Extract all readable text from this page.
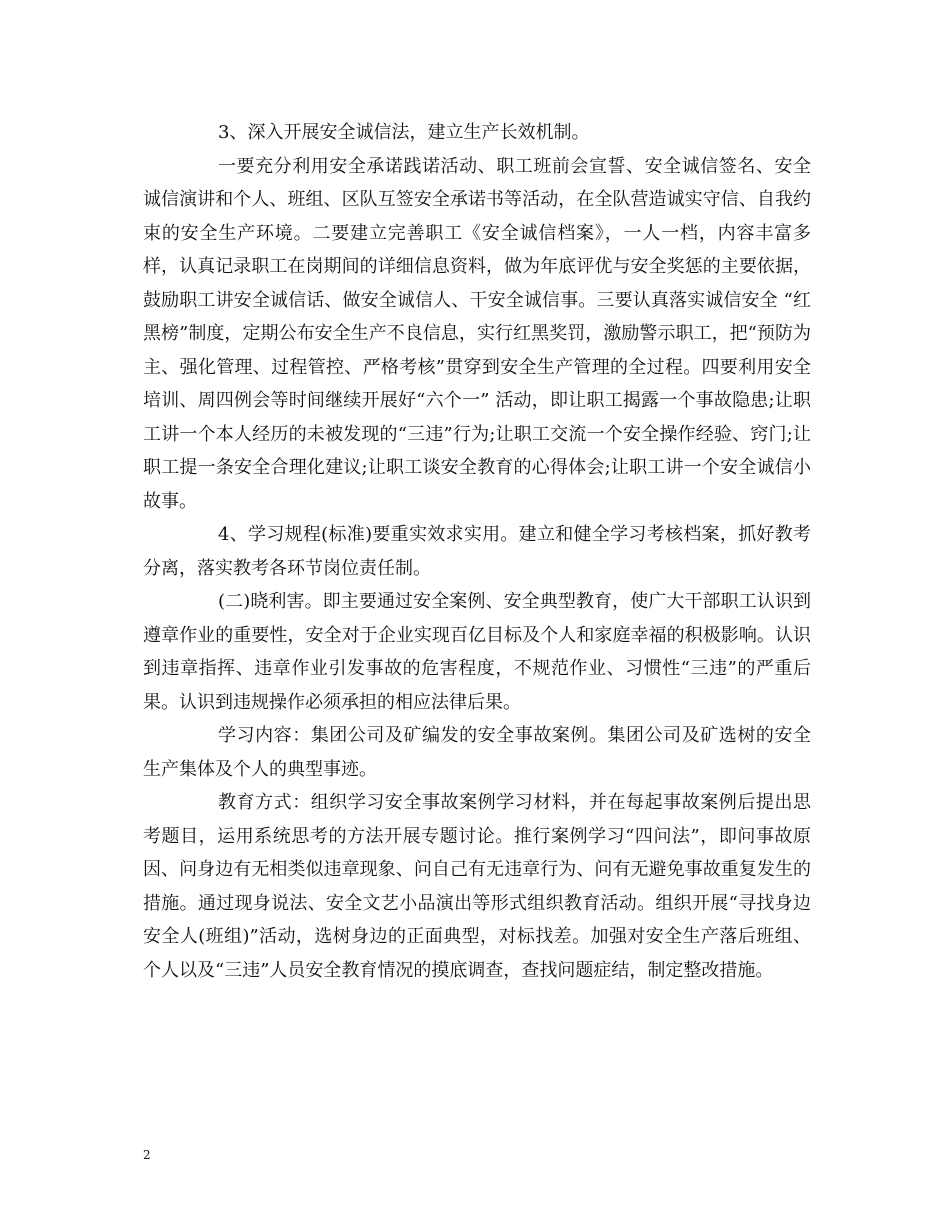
3、深入开展安全诚信法，建立生产长效机制。

一要充分利用安全承诺践诺活动、职工班前会宣誓、安全诚信签名、安全诚信演讲和个人、班组、区队互签安全承诺书等活动，在全队营造诚实守信、自我约束的安全生产环境。二要建立完善职工《安全诚信档案》，一人一档，内容丰富多样，认真记录职工在岗期间的详细信息资料，做为年底评优与安全奖惩的主要依据，鼓励职工讲安全诚信话、做安全诚信人、干安全诚信事。三要认真落实诚信安全 “红黑榜”制度，定期公布安全生产不良信息，实行红黑奖罚，激励警示职工，把“预防为主、强化管理、过程管控、严格考核”贯穿到安全生产管理的全过程。四要利用安全培训、周四例会等时间继续开展好“六个一” 活动，即让职工揭露一个事故隐患;让职工讲一个本人经历的未被发现的“三违”行为;让职工交流一个安全操作经验、窍门;让职工提一条安全合理化建议;让职工谈安全教育的心得体会;让职工讲一个安全诚信小故事。

4、学习规程(标准)要重实效求实用。建立和健全学习考核档案，抓好教考分离，落实教考各环节岗位责任制。

(二)晓利害。即主要通过安全案例、安全典型教育，使广大干部职工认识到遵章作业的重要性，安全对于企业实现百亿目标及个人和家庭幸福的积极影响。认识到违章指挥、违章作业引发事故的危害程度，不规范作业、习惯性“三违”的严重后果。认识到违规操作必须承担的相应法律后果。

学习内容：集团公司及矿编发的安全事故案例。集团公司及矿选树的安全生产集体及个人的典型事迹。

教育方式：组织学习安全事故案例学习材料，并在每起事故案例后提出思考题目，运用系统思考的方法开展专题讨论。推行案例学习“四问法”，即问事故原因、问身边有无相类似违章现象、问自己有无违章行为、问有无避免事故重复发生的措施。通过现身说法、安全文艺小品演出等形式组织教育活动。组织开展“寻找身边安全人(班组)”活动，选树身边的正面典型，对标找差。加强对安全生产落后班组、个人以及“三违”人员安全教育情况的摸底调查，查找问题症结，制定整改措施。

2
